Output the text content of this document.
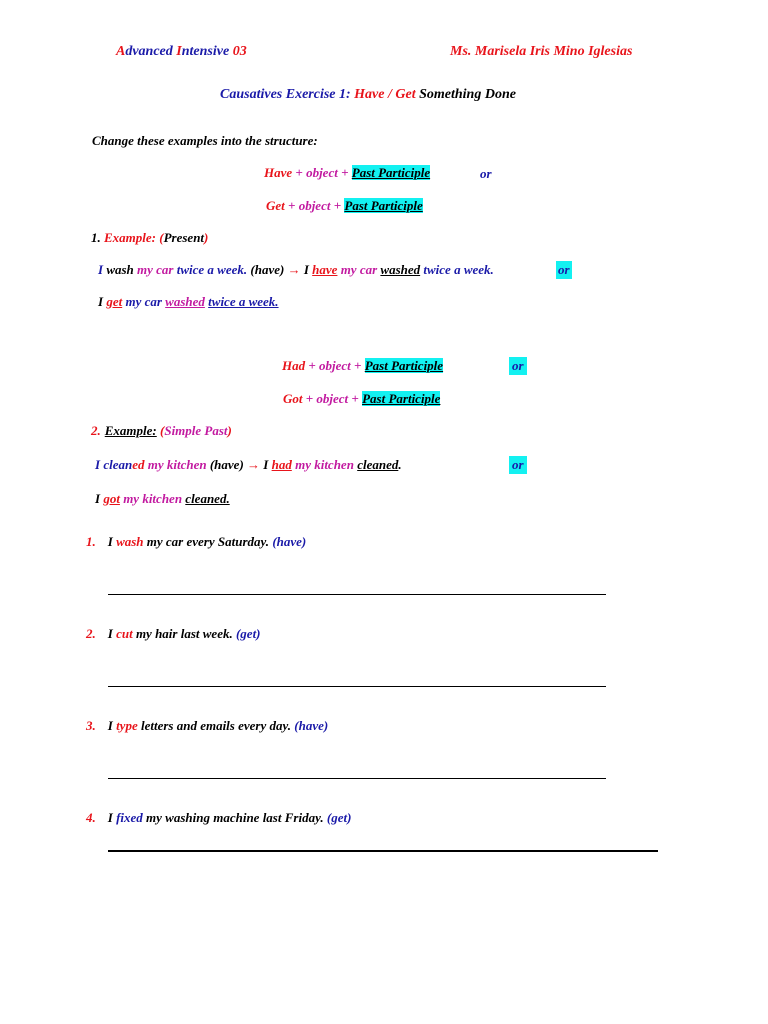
Advanced Intensive 03	Ms. Marisela Iris Mino Iglesias
Causatives Exercise 1: Have / Get Something Done
Change these examples into the structure:
Have + object + Past Participle	or
Get + object + Past Participle
1. Example: (Present)
I wash my car twice a week. (have) → I have my car washed twice a week.	or
I get my car washed twice a week.
Had + object + Past Participle	or
Got + object + Past Participle
2. Example: (Simple Past)
I cleaned my kitchen (have) → I had my kitchen cleaned.	or
I got my kitchen cleaned.
1. I wash my car every Saturday. (have)
2. I cut my hair last week. (get)
3. I type letters and emails every day. (have)
4. I fixed my washing machine last Friday. (get)
